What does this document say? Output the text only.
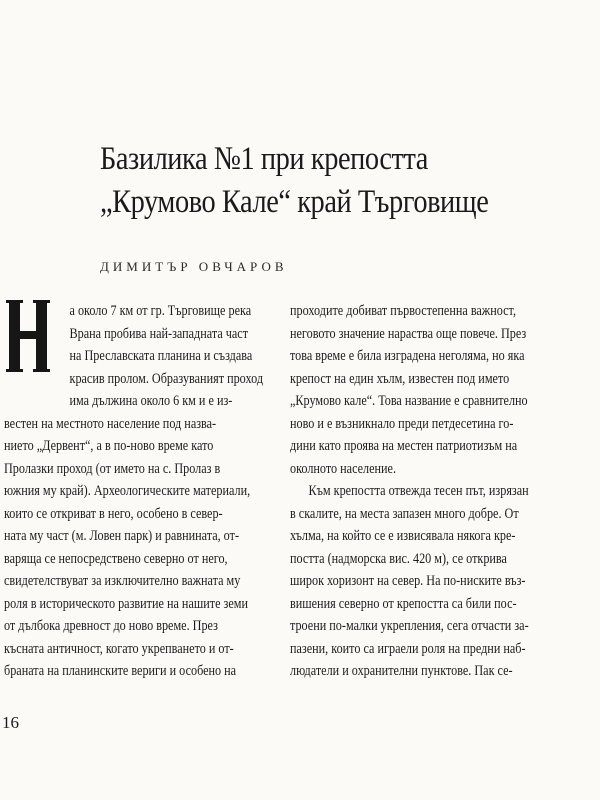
Базилика №1 при крепостта
„Крумово Кале“ край Търговище
ДИМИТЪР ОВЧАРОВ
а около 7 км от гр. Търговище река
Врана пробива най-западната част
на Преславската планина и създава
красив пролом. Образуваният проход
има дължина около 6 км и е из-
вестен на местното население под назва-
нието „Дервент“, а в по-ново време като
Пролазки проход (от името на с. Пролаз в
южния му край). Археологическите материали,
които се откриват в него, особено в север-
ната му част (м. Ловен парк) и равнината, от-
варяща се непосредствено северно от него,
свидетелствуват за изключително важната му
роля в историческото развитие на нашите земи
от дълбока древност до ново време. През
късната античност, когато укрепването и от-
браната на планинските вериги и особено на
проходите добиват първостепенна важност,
неговото значение нараства още повече. През
това време е била изградена неголяма, но яка
крепост на един хълм, известен под името
„Крумово кале“. Това название е сравнително
ново и е възникнало преди петдесетина го-
дини като проява на местен патриотизъм на
околното население.
Към крепостта отвежда тесен път, изрязан
в скалите, на места запазен много добре. От
хълма, на който се е извисявала някога кре-
постта (надморска вис. 420 м), се открива
широк хоризонт на север. На по-ниските въз-
вишения северно от крепостта са били пос-
троени по-малки укрепления, сега отчасти за-
пазени, които са играели роля на предни наб-
людатели и охранителни пунктове. Пак се-
16
